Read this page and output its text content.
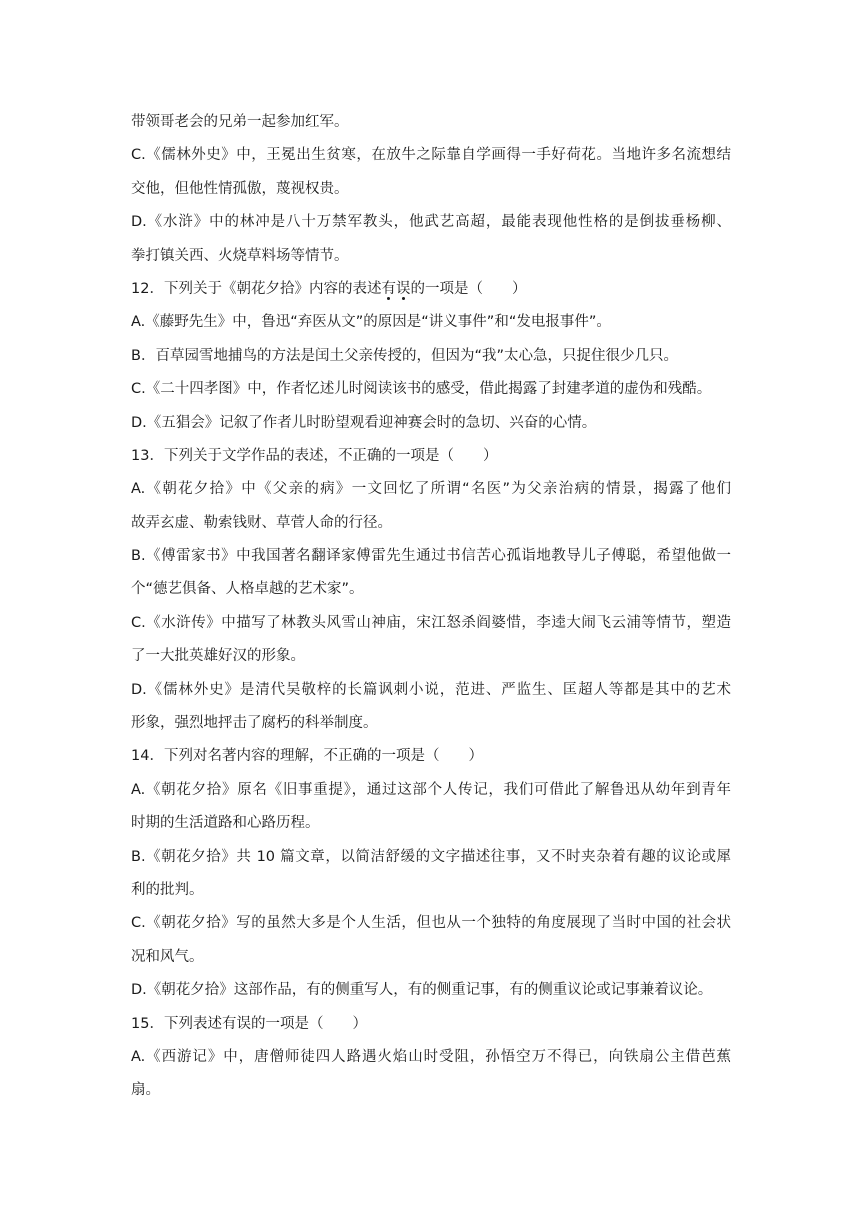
带领哥老会的兄弟一起参加红军。
C.《儒林外史》中，王冕出生贫寒，在放牛之际靠自学画得一手好荷花。当地许多名流想结
交他，但他性情孤傲，蔑视权贵。
D.《水浒》中的林冲是八十万禁军教头，他武艺高超，最能表现他性格的是倒拔垂杨柳、
拳打镇关西、火烧草料场等情节。
12．下列关于《朝花夕拾》内容的表述有误的一项是（　　）
A.《藤野先生》中，鲁迅“弃医从文”的原因是“讲义事件”和“发电报事件”。
B．百草园雪地捕鸟的方法是闰土父亲传授的，但因为“我”太心急，只捉住很少几只。
C.《二十四孝图》中，作者忆述儿时阅读该书的感受，借此揭露了封建孝道的虚伪和残酷。
D.《五猖会》记叙了作者儿时盼望观看迎神赛会时的急切、兴奋的心情。
13．下列关于文学作品的表述，不正确的一项是（　　）
A.《朝花夕拾》中《父亲的病》一文回忆了所谓“名医”为父亲治病的情景，揭露了他们
故弄玄虚、勒索钱财、草菅人命的行径。
B.《傅雷家书》中我国著名翻译家傅雷先生通过书信苦心孤诣地教导儿子傅聪，希望他做一
个“德艺俱备、人格卓越的艺术家”。
C.《水浒传》中描写了林教头风雪山神庙，宋江怒杀阎婆惜，李逵大闹飞云浦等情节，塑造
了一大批英雄好汉的形象。
D.《儒林外史》是清代吴敬梓的长篇讽刺小说，范进、严监生、匡超人等都是其中的艺术
形象，强烈地抨击了腐朽的科举制度。
14．下列对名著内容的理解，不正确的一项是（　　）
A.《朝花夕拾》原名《旧事重提》，通过这部个人传记，我们可借此了解鲁迅从幼年到青年
时期的生活道路和心路历程。
B.《朝花夕拾》共 10 篇文章，以简洁舒缓的文字描述往事，又不时夹杂着有趣的议论或犀
利的批判。
C.《朝花夕拾》写的虽然大多是个人生活，但也从一个独特的角度展现了当时中国的社会状
况和风气。
D.《朝花夕拾》这部作品，有的侧重写人，有的侧重记事，有的侧重议论或记事兼着议论。
15．下列表述有误的一项是（　　）
A.《西游记》中，唐僧师徒四人路遇火焰山时受阻，孙悟空万不得已，向铁扇公主借芭蕉
扇。
